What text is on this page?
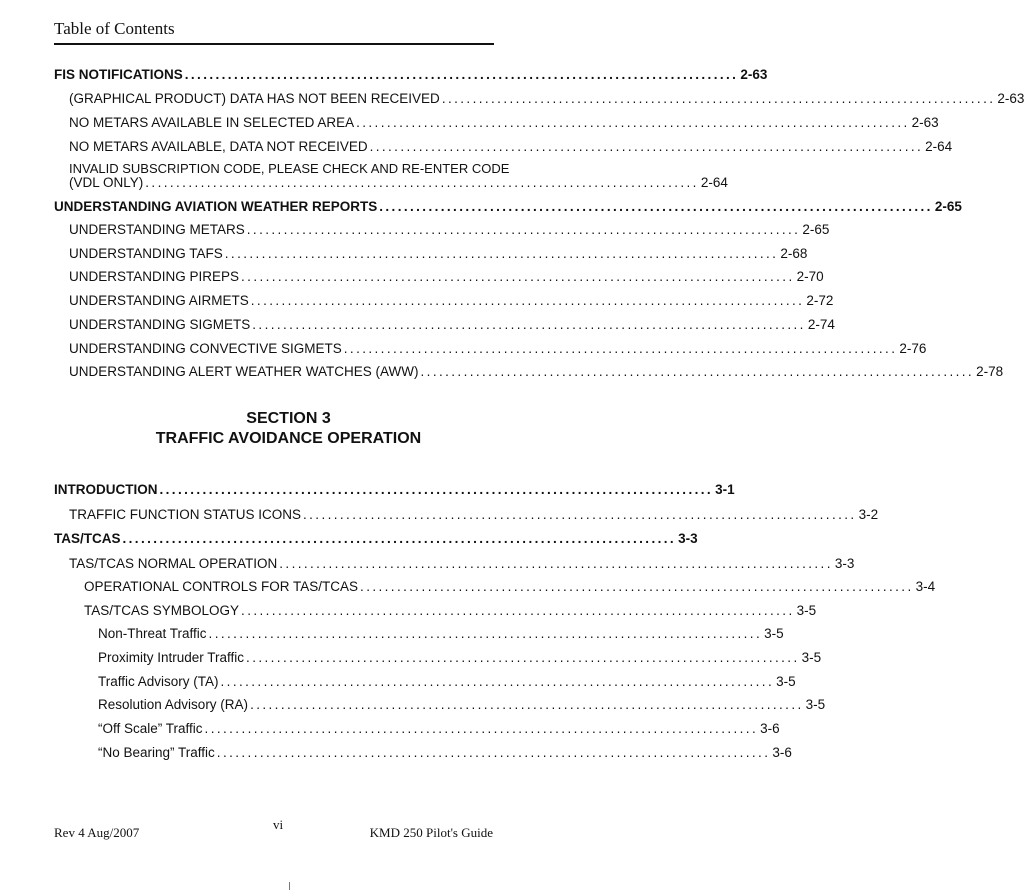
Table of Contents
FIS NOTIFICATIONS .......................................................................................... 2-63
(GRAPHICAL PRODUCT) DATA HAS NOT BEEN RECEIVED .......................................................................................... 2-63
NO METARS AVAILABLE IN SELECTED AREA .......................................................................................... 2-63
NO METARS AVAILABLE, DATA NOT RECEIVED .......................................................................................... 2-64
INVALID SUBSCRIPTION CODE, PLEASE CHECK AND RE-ENTER CODE
(VDL ONLY) .......................................................................................... 2-64
UNDERSTANDING AVIATION WEATHER REPORTS .......................................................................................... 2-65
UNDERSTANDING METARS .......................................................................................... 2-65
UNDERSTANDING TAFS .......................................................................................... 2-68
UNDERSTANDING PIREPS .......................................................................................... 2-70
UNDERSTANDING AIRMETS .......................................................................................... 2-72
UNDERSTANDING SIGMETS .......................................................................................... 2-74
UNDERSTANDING CONVECTIVE SIGMETS .......................................................................................... 2-76
UNDERSTANDING ALERT WEATHER WATCHES (AWW) .......................................................................................... 2-78
SECTION 3
TRAFFIC AVOIDANCE OPERATION
INTRODUCTION .......................................................................................... 3-1
TRAFFIC FUNCTION STATUS ICONS .......................................................................................... 3-2
TAS/TCAS .......................................................................................... 3-3
TAS/TCAS NORMAL OPERATION .......................................................................................... 3-3
OPERATIONAL CONTROLS FOR TAS/TCAS .......................................................................................... 3-4
TAS/TCAS SYMBOLOGY .......................................................................................... 3-5
Non-Threat Traffic .......................................................................................... 3-5
Proximity Intruder Traffic .......................................................................................... 3-5
Traffic Advisory (TA) .......................................................................................... 3-5
Resolution Advisory (RA) .......................................................................................... 3-5
“Off Scale” Traffic .......................................................................................... 3-6
“No Bearing” Traffic .......................................................................................... 3-6
Rev 4 Aug/2007
vi
KMD 250 Pilot's Guide
